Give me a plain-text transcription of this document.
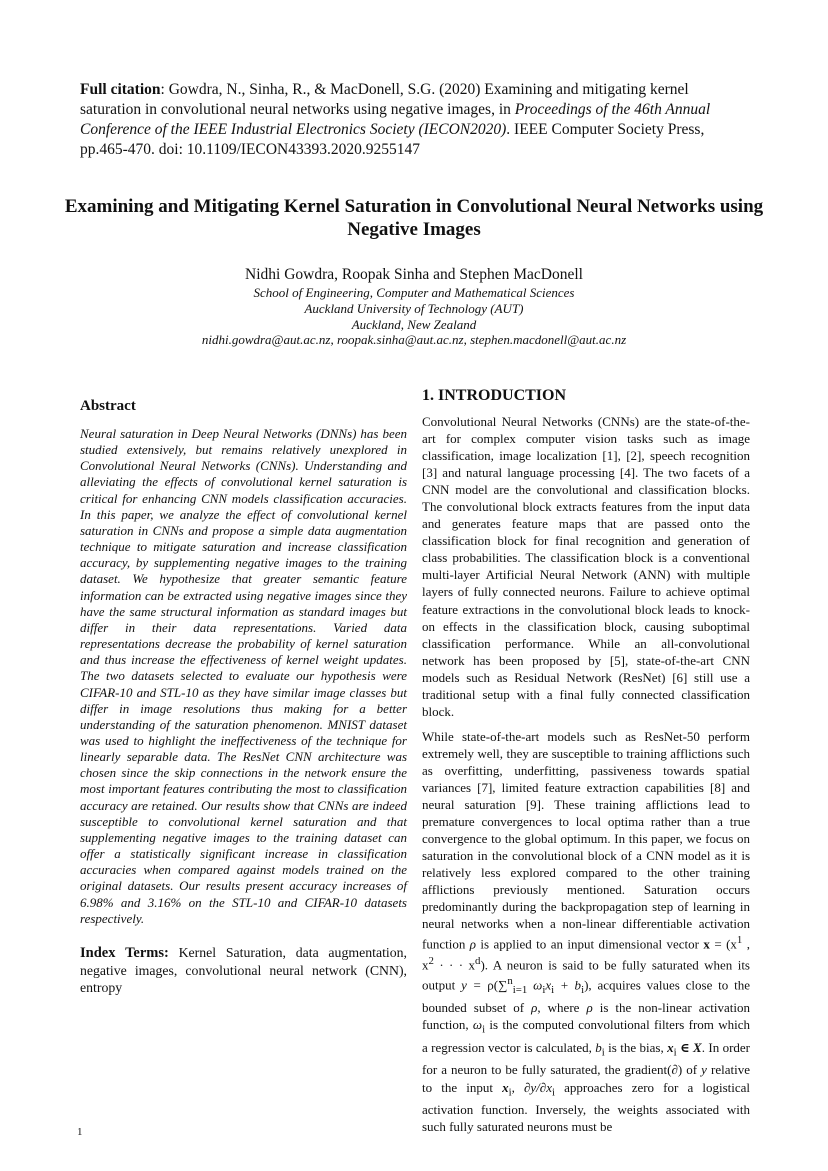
Full citation: Gowdra, N., Sinha, R., & MacDonell, S.G. (2020) Examining and mitigating kernel saturation in convolutional neural networks using negative images, in Proceedings of the 46th Annual Conference of the IEEE Industrial Electronics Society (IECON2020). IEEE Computer Society Press, pp.465-470. doi: 10.1109/IECON43393.2020.9255147
Examining and Mitigating Kernel Saturation in Convolutional Neural Networks using Negative Images
Nidhi Gowdra, Roopak Sinha and Stephen MacDonell
School of Engineering, Computer and Mathematical Sciences
Auckland University of Technology (AUT)
Auckland, New Zealand
nidhi.gowdra@aut.ac.nz, roopak.sinha@aut.ac.nz, stephen.macdonell@aut.ac.nz
Abstract

Neural saturation in Deep Neural Networks (DNNs) has been studied extensively, but remains relatively unexplored in Convolutional Neural Networks (CNNs). Understanding and alleviating the effects of convolutional kernel saturation is critical for enhancing CNN models classification accuracies. In this paper, we analyze the effect of convolutional kernel saturation in CNNs and propose a simple data augmentation technique to mitigate saturation and increase classification accuracy, by supplementing negative images to the training dataset. We hypothesize that greater semantic feature information can be extracted using negative images since they have the same structural information as standard images but differ in their data representations. Varied data representations decrease the probability of kernel saturation and thus increase the effectiveness of kernel weight updates. The two datasets selected to evaluate our hypothesis were CIFAR-10 and STL-10 as they have similar image classes but differ in image resolutions thus making for a better understanding of the saturation phenomenon. MNIST dataset was used to highlight the ineffectiveness of the technique for linearly separable data. The ResNet CNN architecture was chosen since the skip connections in the network ensure the most important features contributing the most to classification accuracy are retained. Our results show that CNNs are indeed susceptible to convolutional kernel saturation and that supplementing negative images to the training dataset can offer a statistically significant increase in classification accuracies when compared against models trained on the original datasets. Our results present accuracy increases of 6.98% and 3.16% on the STL-10 and CIFAR-10 datasets respectively.

Index Terms: Kernel Saturation, data augmentation, negative images, convolutional neural network (CNN), entropy
1. INTRODUCTION

Convolutional Neural Networks (CNNs) are the state-of-the-art for complex computer vision tasks such as image classification, image localization [1], [2], speech recognition [3] and natural language processing [4]. The two facets of a CNN model are the convolutional and classification blocks. The convolutional block extracts features from the input data and generates feature maps that are passed onto the classification block for final recognition and generation of class probabilities. The classification block is a conventional multi-layer Artificial Neural Network (ANN) with multiple layers of fully connected neurons. Failure to achieve optimal feature extractions in the convolutional block leads to knock-on effects in the classification block, causing suboptimal classification performance. While an all-convolutional network has been proposed by [5], state-of-the-art CNN models such as Residual Network (ResNet) [6] still use a traditional setup with a final fully connected classification block.

While state-of-the-art models such as ResNet-50 perform extremely well, they are susceptible to training afflictions such as overfitting, underfitting, passiveness towards spatial variances [7], limited feature extraction capabilities [8] and neural saturation [9]. These training afflictions lead to premature convergences to local optima rather than a true convergence to the global optimum. In this paper, we focus on saturation in the convolutional block of a CNN model as it is relatively less explored compared to the other training afflictions previously mentioned. Saturation occurs predominantly during the backpropagation step of learning in neural networks when a non-linear differentiable activation function ρ is applied to an input dimensional vector $x = (x^1$ , $x^2$ · · · $x^d$). A neuron is said to be fully saturated when its output y = ρ(∑$^n_{i=1}$ $\omega_ix_i + b_i$), acquires values close to the bounded subset of ρ, where ρ is the non-linear activation function, $\omega_i$ is the computed convolutional filters from which a regression vector is calculated, $b_i$ is the bias, $x_i$ ∈ X. In order for a neuron to be fully saturated, the gradient(∂) of y relative to the input $x_i$, $\partial y/\partial x_i$ approaches zero for a logistical activation function. Inversely, the weights associated with such fully saturated neurons must be

1
